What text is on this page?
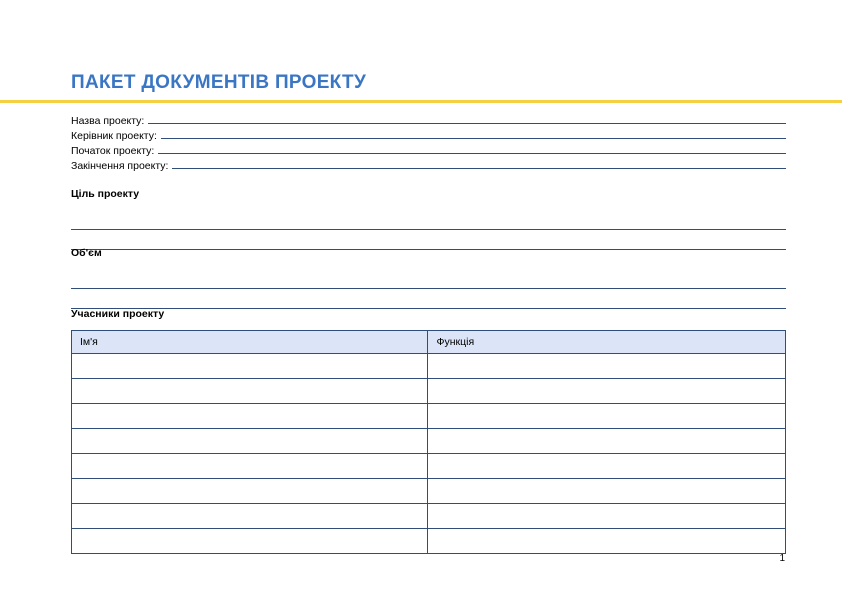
ПАКЕТ ДОКУМЕНТІВ ПРОЕКТУ
Назва проекту:
Керівник проекту:
Початок проекту:
Закінчення проекту:
Ціль проекту
Об'єм
Учасники проекту
Ім'я	Функція

1
